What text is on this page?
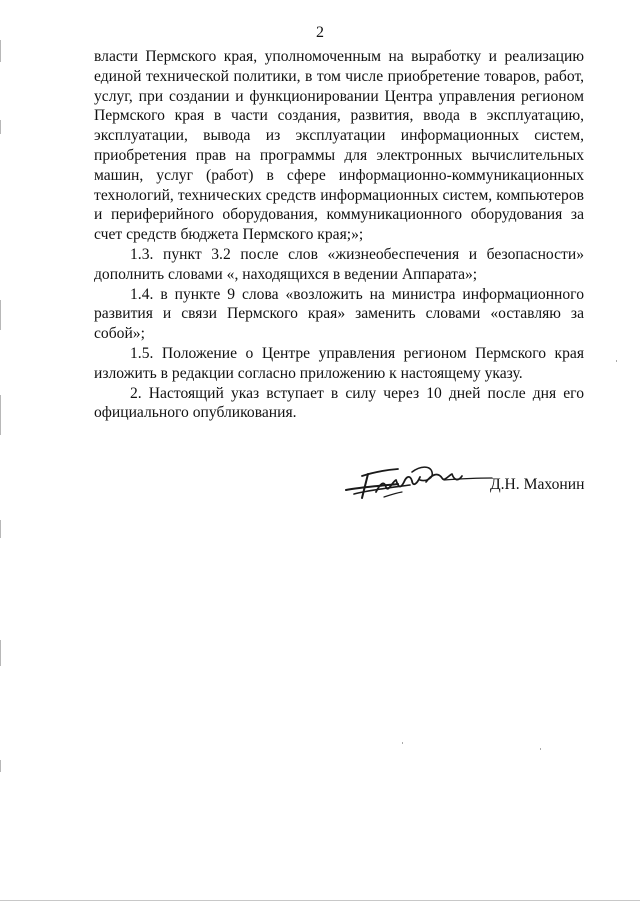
2

власти Пермского края, уполномоченным на выработку и реализацию единой технической политики, в том числе приобретение товаров, работ, услуг, при создании и функционировании Центра управления регионом Пермского края в части создания, развития, ввода в эксплуатацию, эксплуатации, вывода из эксплуатации информационных систем, приобретения прав на программы для электронных вычислительных машин, услуг (работ) в сфере информационно-коммуникационных технологий, технических средств информационных систем, компьютеров и периферийного оборудования, коммуникационного оборудования за счет средств бюджета Пермского края;»;

1.3. пункт 3.2 после слов «жизнеобеспечения и безопасности» дополнить словами «, находящихся в ведении Аппарата»;

1.4. в пункте 9 слова «возложить на министра информационного развития и связи Пермского края» заменить словами «оставляю за собой»;

1.5. Положение о Центре управления регионом Пермского края изложить в редакции согласно приложению к настоящему указу.

2. Настоящий указ вступает в силу через 10 дней после дня его официального опубликования.

Д.Н. Махонин
